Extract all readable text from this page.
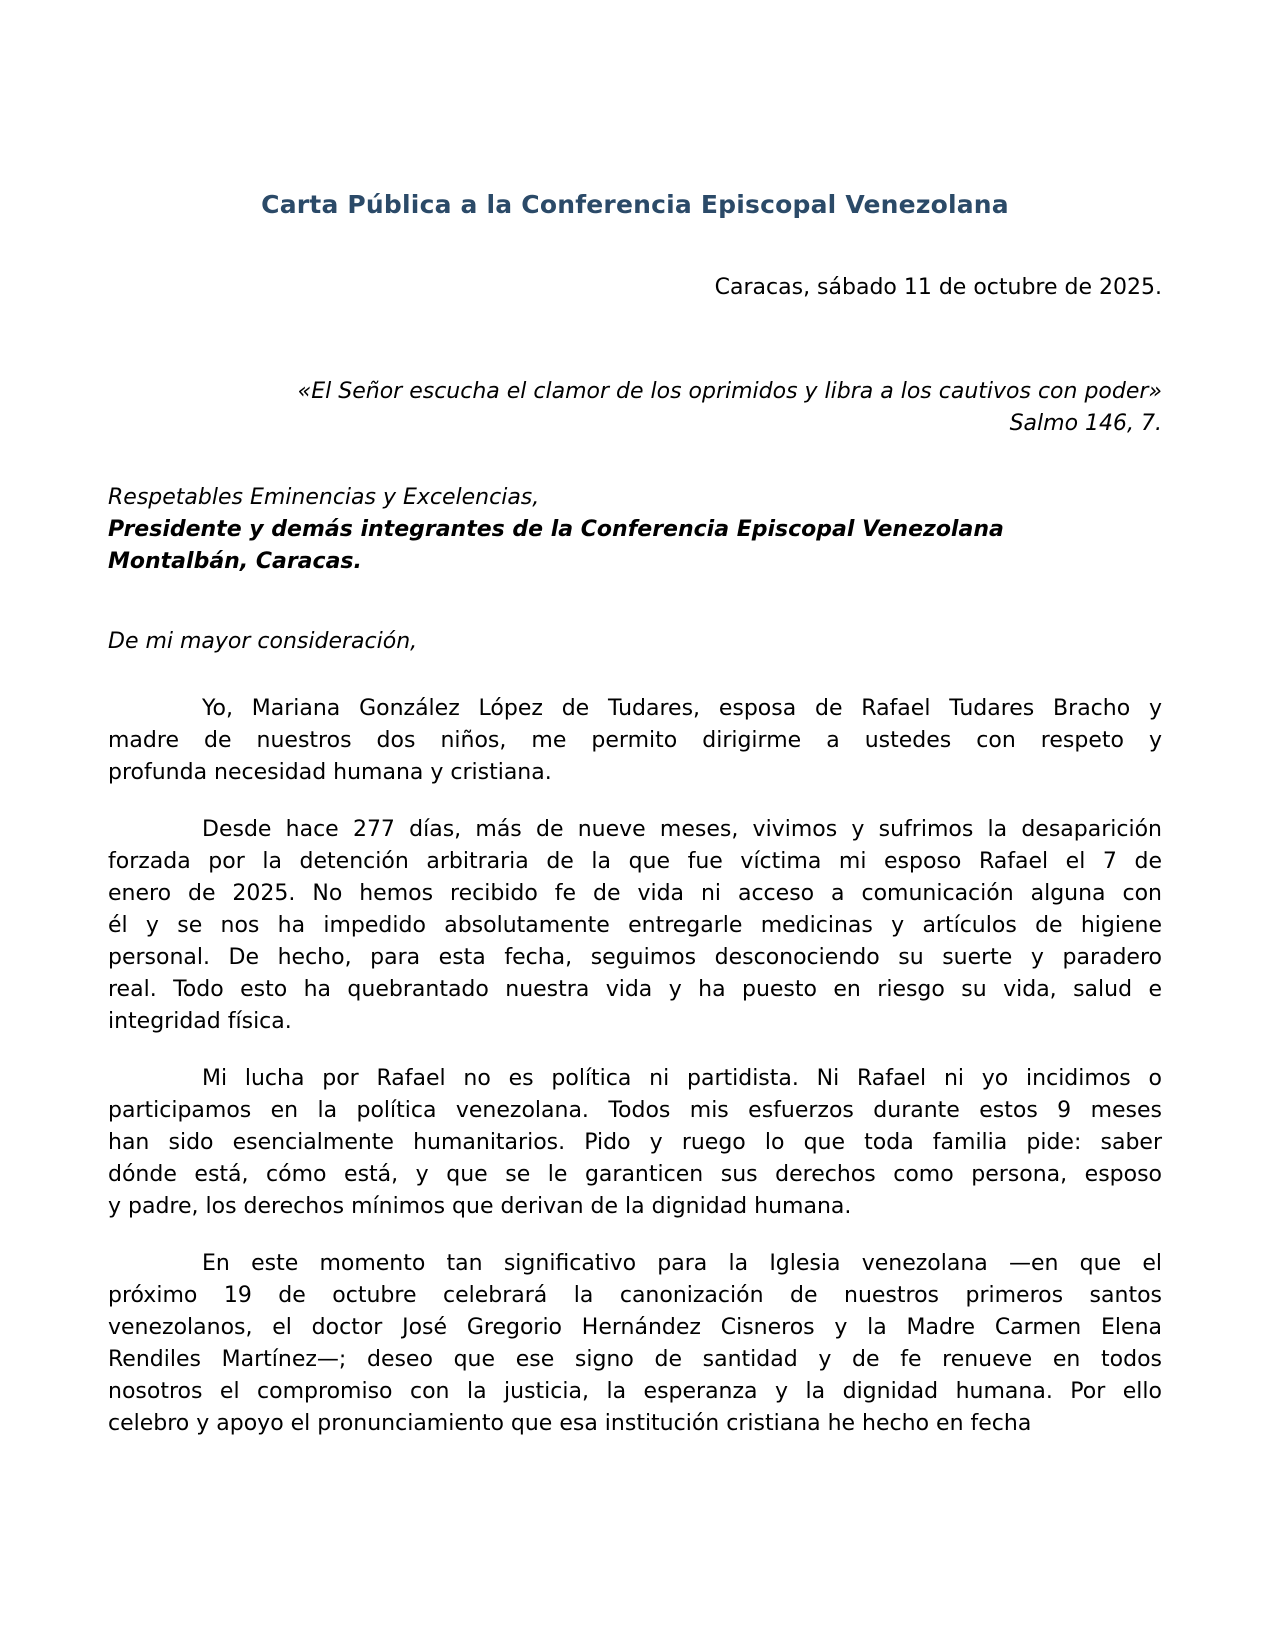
Carta Pública a la Conferencia Episcopal Venezolana

Caracas, sábado 11 de octubre de 2025.

«El Señor escucha el clamor de los oprimidos y libra a los cautivos con poder»

Salmo 146, 7.

Respetables Eminencias y Excelencias,

Presidente y demás integrantes de la Conferencia Episcopal Venezolana

Montalbán, Caracas.

De mi mayor consideración,

Yo, Mariana González López de Tudares, esposa de Rafael Tudares Bracho y
madre de nuestros dos niños, me permito dirigirme a ustedes con respeto y
profunda necesidad humana y cristiana.
Desde hace 277 días, más de nueve meses, vivimos y sufrimos la desaparición
forzada por la detención arbitraria de la que fue víctima mi esposo Rafael el 7 de
enero de 2025. No hemos recibido fe de vida ni acceso a comunicación alguna con
él y se nos ha impedido absolutamente entregarle medicinas y artículos de higiene
personal. De hecho, para esta fecha, seguimos desconociendo su suerte y paradero
real. Todo esto ha quebrantado nuestra vida y ha puesto en riesgo su vida, salud e
integridad física.
Mi lucha por Rafael no es política ni partidista. Ni Rafael ni yo incidimos o
participamos en la política venezolana. Todos mis esfuerzos durante estos 9 meses
han sido esencialmente humanitarios. Pido y ruego lo que toda familia pide: saber
dónde está, cómo está, y que se le garanticen sus derechos como persona, esposo
y padre, los derechos mínimos que derivan de la dignidad humana.
En este momento tan significativo para la Iglesia venezolana —en que el
próximo 19 de octubre celebrará la canonización de nuestros primeros santos
venezolanos, el doctor José Gregorio Hernández Cisneros y la Madre Carmen Elena
Rendiles Martínez—; deseo que ese signo de santidad y de fe renueve en todos
nosotros el compromiso con la justicia, la esperanza y la dignidad humana. Por ello
celebro y apoyo el pronunciamiento que esa institución cristiana he hecho en fecha
